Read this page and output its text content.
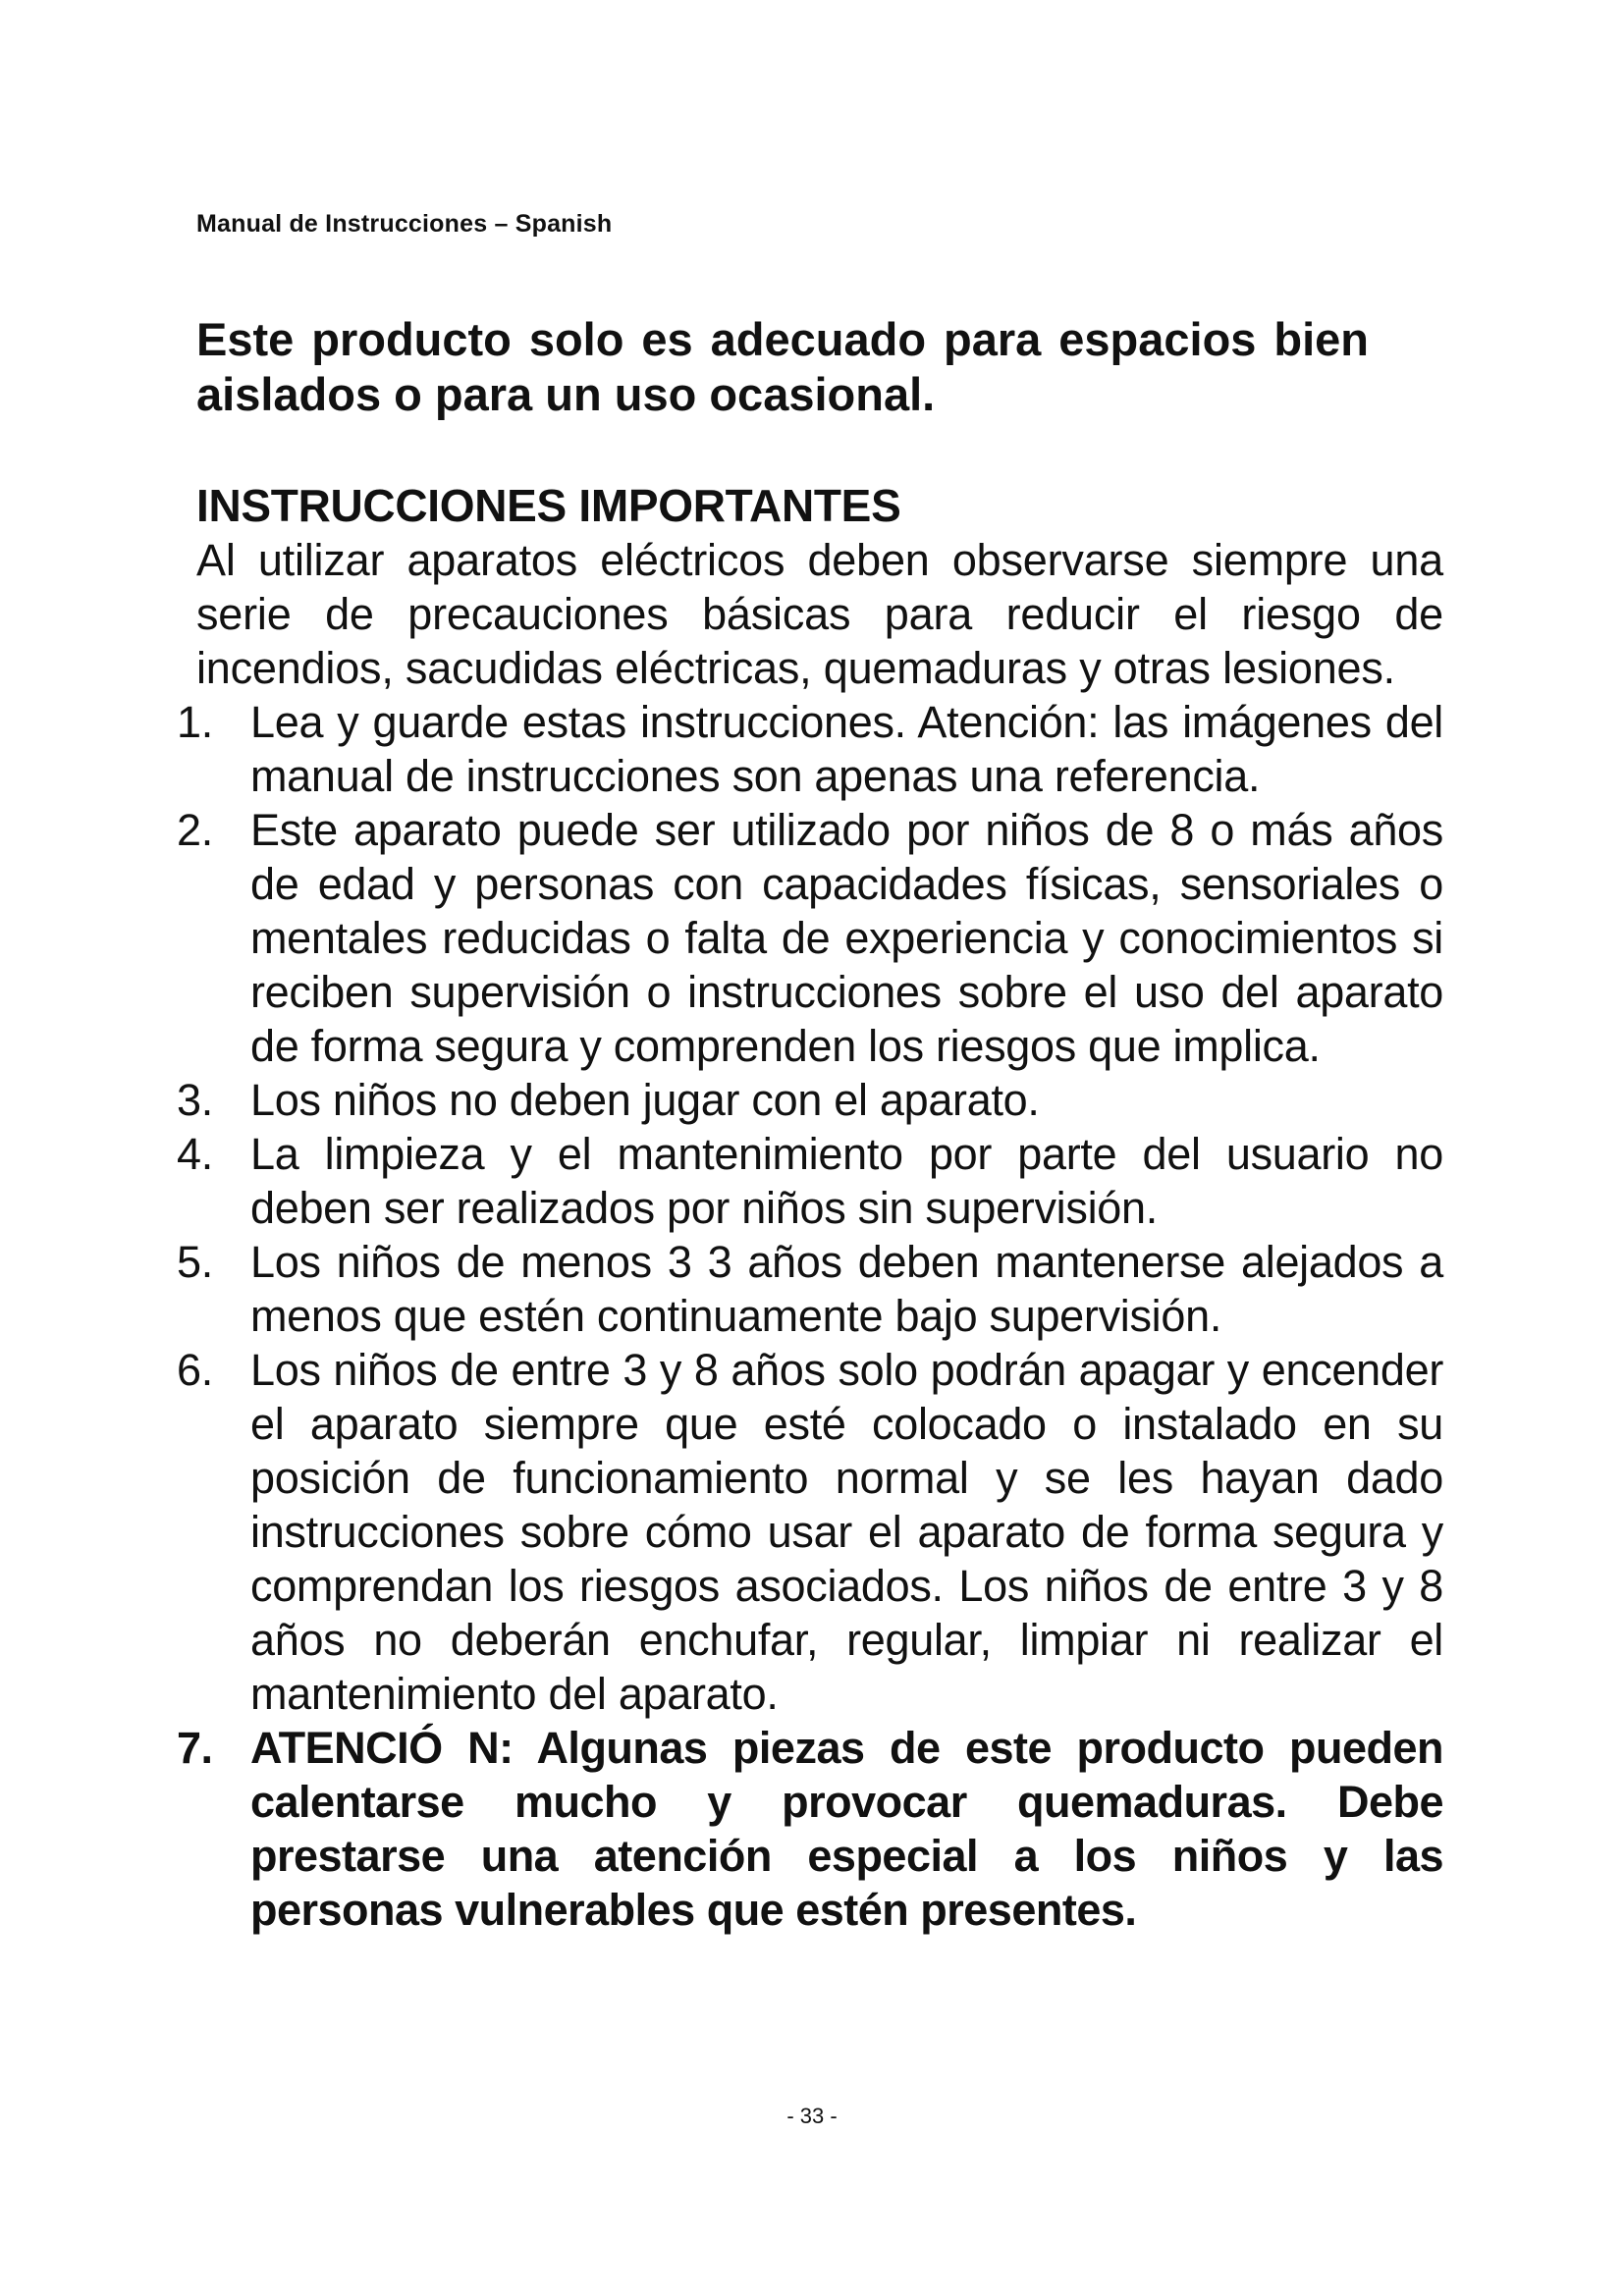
Manual de Instrucciones – Spanish
Este producto solo es adecuado para espacios bien aislados o para un uso ocasional.
INSTRUCCIONES IMPORTANTES
Al utilizar aparatos eléctricos deben observarse siempre una serie de precauciones básicas para reducir el riesgo de incendios, sacudidas eléctricas, quemaduras y otras lesiones.
1. Lea y guarde estas instrucciones. Atención: las imágenes del manual de instrucciones son apenas una referencia.
2. Este aparato puede ser utilizado por niños de 8 o más años de edad y personas con capacidades físicas, sensoriales o mentales reducidas o falta de experiencia y conocimientos si reciben supervisión o instrucciones sobre el uso del aparato de forma segura y comprenden los riesgos que implica.
3. Los niños no deben jugar con el aparato.
4. La limpieza y el mantenimiento por parte del usuario no deben ser realizados por niños sin supervisión.
5. Los niños de menos 3 3 años deben mantenerse alejados a menos que estén continuamente bajo supervisión.
6. Los niños de entre 3 y 8 años solo podrán apagar y encender el aparato siempre que esté colocado o instalado en su posición de funcionamiento normal y se les hayan dado instrucciones sobre cómo usar el aparato de forma segura y comprendan los riesgos asociados. Los niños de entre 3 y 8 años no deberán enchufar, regular, limpiar ni realizar el mantenimiento del aparato.
7. ATENCIÓ N: Algunas piezas de este producto pueden calentarse mucho y provocar quemaduras. Debe prestarse una atención especial a los niños y las personas vulnerables que estén presentes.
- 33 -
